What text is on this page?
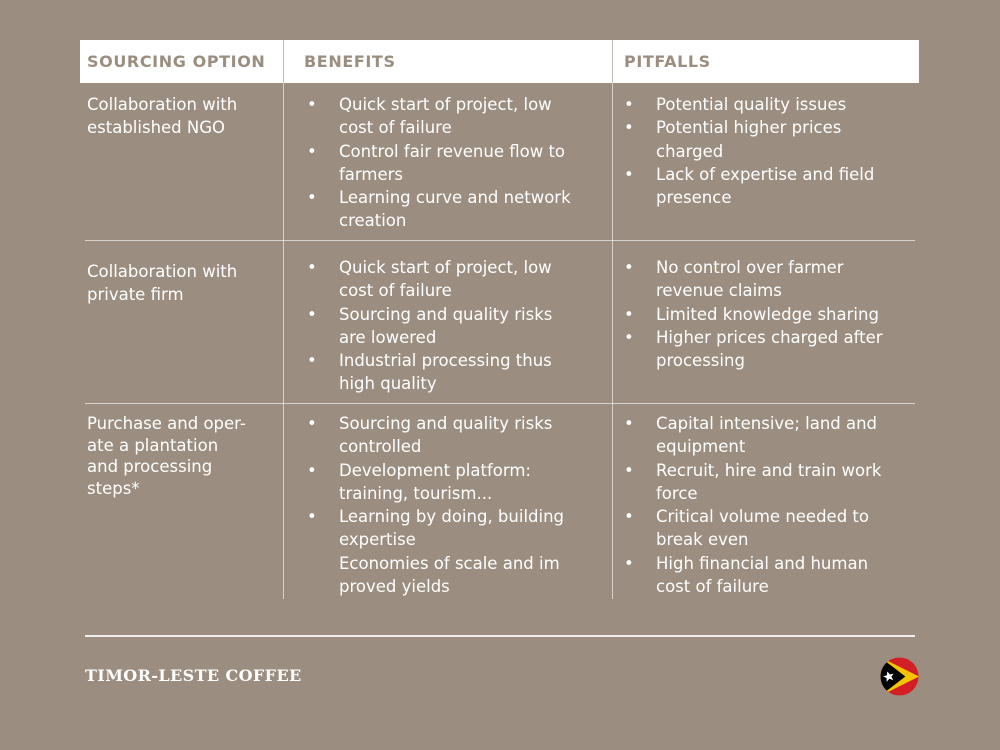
SOURCING OPTION BENEFITS	PITFALLS
Collaboration with
established NGO
• Quick start of project, low
cost of failure
• Control fair revenue flow to
farmers
• Learning curve and network
creation
• Potential quality issues
• Potential higher prices
charged
• Lack of expertise and field
presence
Collaboration with
private firm
• Quick start of project, low
cost of failure
• Sourcing and quality risks
are lowered
• Industrial processing thus
high quality
• No control over farmer
revenue claims
• Limited knowledge sharing
• Higher prices charged after
processing
Purchase and oper-
ate a plantation
and processing
steps*
• Sourcing and quality risks
controlled
• Development platform:
training, tourism...
• Learning by doing, building
expertise
Economies of scale and im
proved yields
• Capital intensive; land and
equipment
• Recruit, hire and train work
force
• Critical volume needed to
break even
• High financial and human
cost of failure
TIMOR-LESTE COFFEE
